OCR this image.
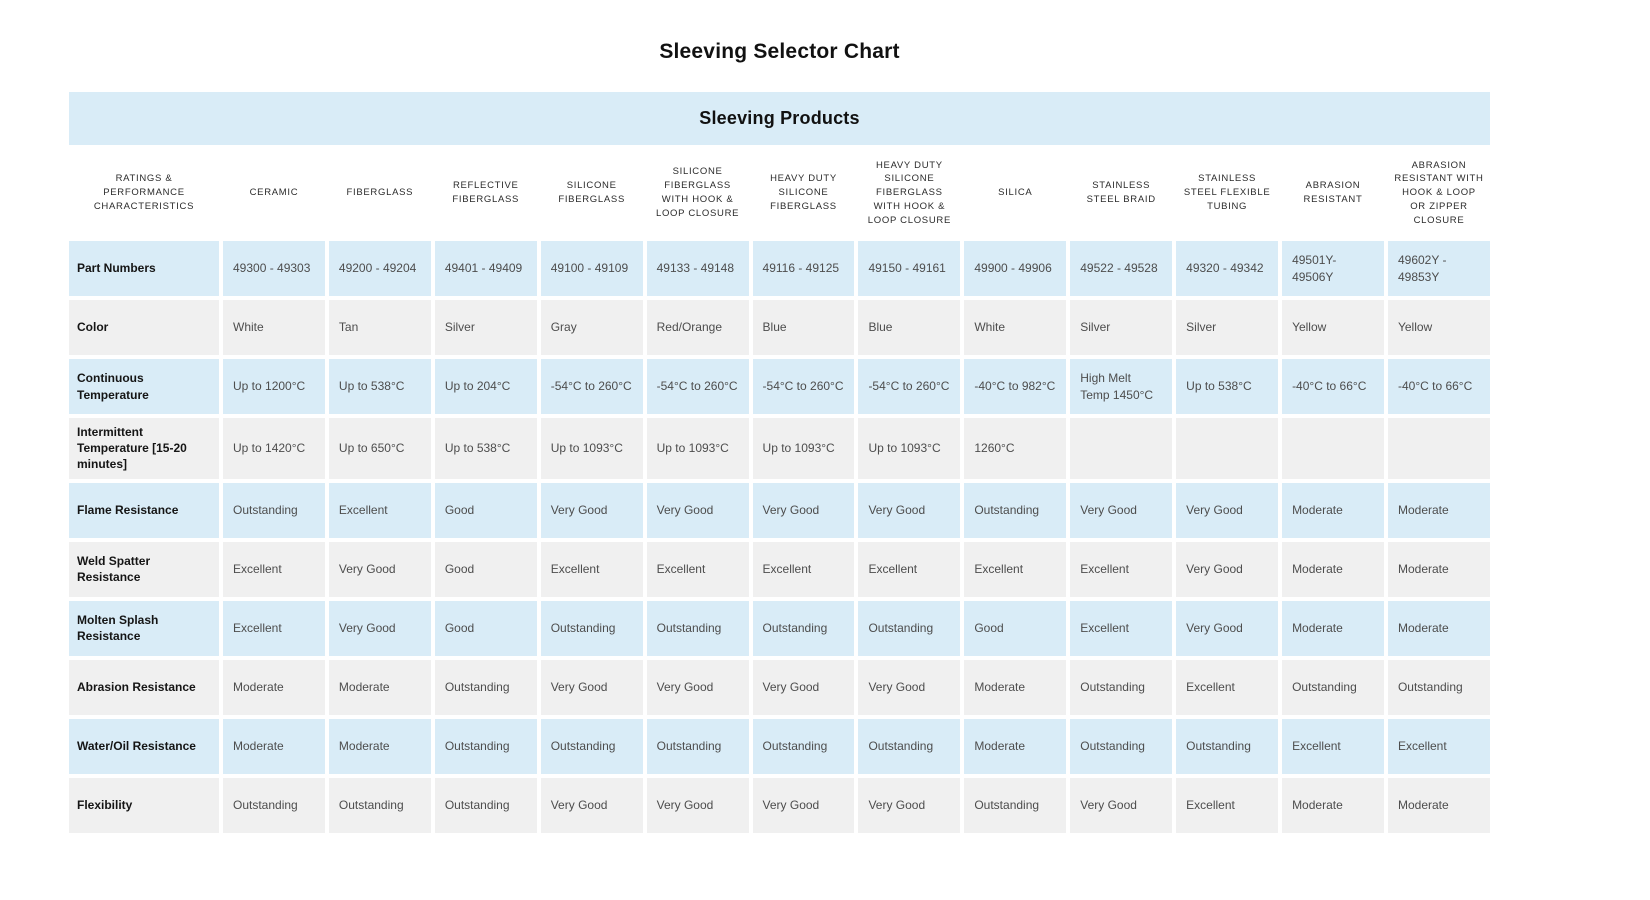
Sleeving Selector Chart
Sleeving Products
RATINGS & PERFORMANCE CHARACTERISTICS	CERAMIC	FIBERGLASS	REFLECTIVE FIBERGLASS	SILICONE FIBERGLASS	SILICONE FIBERGLASS WITH HOOK & LOOP CLOSURE	HEAVY DUTY SILICONE FIBERGLASS	HEAVY DUTY SILICONE FIBERGLASS WITH HOOK & LOOP CLOSURE	SILICA	STAINLESS STEEL BRAID	STAINLESS STEEL FLEXIBLE TUBING	ABRASION RESISTANT	ABRASION RESISTANT WITH HOOK & LOOP OR ZIPPER CLOSURE
Part Numbers	49300 - 49303	49200 - 49204	49401 - 49409	49100 - 49109	49133 - 49148	49116 - 49125	49150 - 49161	49900 - 49906	49522 - 49528	49320 - 49342	49501Y-49506Y	49602Y - 49853Y
Color	White	Tan	Silver	Gray	Red/Orange	Blue	Blue	White	Silver	Silver	Yellow	Yellow
Continuous Temperature	Up to 1200°C	Up to 538°C	Up to 204°C	-54°C to 260°C	-54°C to 260°C	-54°C to 260°C	-54°C to 260°C	-40°C to 982°C	High Melt Temp 1450°C	Up to 538°C	-40°C to 66°C	-40°C to 66°C
Intermittent Temperature [15-20 minutes]	Up to 1420°C	Up to 650°C	Up to 538°C	Up to 1093°C	Up to 1093°C	Up to 1093°C	Up to 1093°C	1260°C				
Flame Resistance	Outstanding	Excellent	Good	Very Good	Very Good	Very Good	Very Good	Outstanding	Very Good	Very Good	Moderate	Moderate
Weld Spatter Resistance	Excellent	Very Good	Good	Excellent	Excellent	Excellent	Excellent	Excellent	Excellent	Very Good	Moderate	Moderate
Molten Splash Resistance	Excellent	Very Good	Good	Outstanding	Outstanding	Outstanding	Outstanding	Good	Excellent	Very Good	Moderate	Moderate
Abrasion Resistance	Moderate	Moderate	Outstanding	Very Good	Very Good	Very Good	Very Good	Moderate	Outstanding	Excellent	Outstanding	Outstanding
Water/Oil Resistance	Moderate	Moderate	Outstanding	Outstanding	Outstanding	Outstanding	Outstanding	Moderate	Outstanding	Outstanding	Excellent	Excellent
Flexibility	Outstanding	Outstanding	Outstanding	Very Good	Very Good	Very Good	Very Good	Outstanding	Very Good	Excellent	Moderate	Moderate
